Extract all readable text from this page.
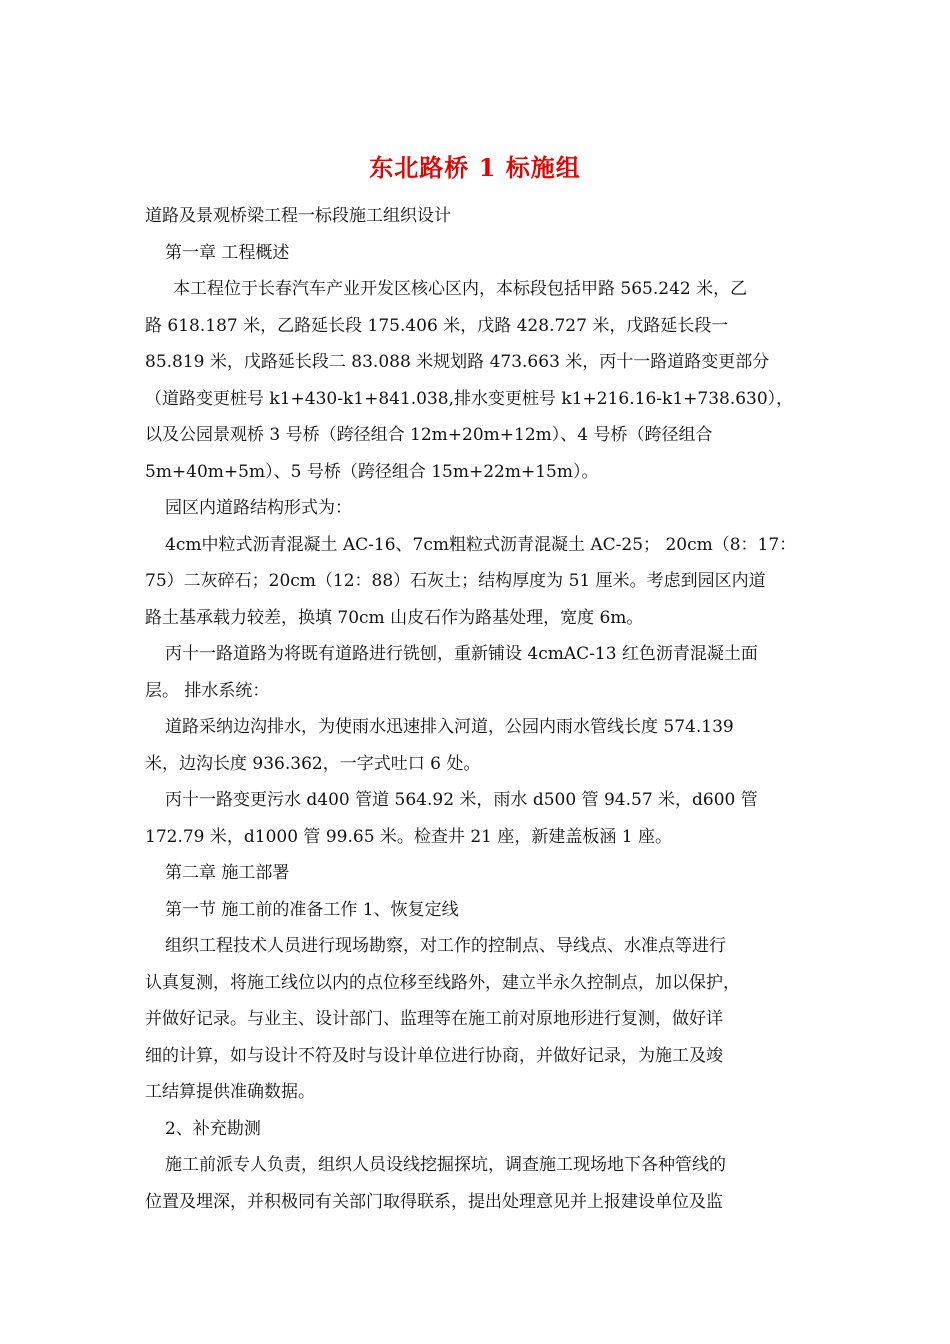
东北路桥 1 标施组
道路及景观桥梁工程一标段施工组织设计
第一章 工程概述
本工程位于长春汽车产业开发区核心区内，本标段包括甲路 565.242 米，乙
路 618.187 米，乙路延长段 175.406 米，戊路 428.727 米，戊路延长段一
85.819 米，戊路延长段二 83.088 米规划路 473.663 米，丙十一路道路变更部分
（道路变更桩号 k1+430-k1+841.038,排水变更桩号 k1+216.16-k1+738.630），
以及公园景观桥 3 号桥（跨径组合 12m+20m+12m）、4 号桥（跨径组合
5m+40m+5m）、5 号桥（跨径组合 15m+22m+15m）。
园区内道路结构形式为：
4cm中粒式沥青混凝土 AC-16、7cm粗粒式沥青混凝土 AC-25； 20cm（8：17：
75）二灰碎石；20cm（12：88）石灰土；结构厚度为 51 厘米。考虑到园区内道
路土基承载力较差，换填 70cm 山皮石作为路基处理，宽度 6m。
丙十一路道路为将既有道路进行铣刨，重新铺设 4cmAC-13 红色沥青混凝土面
层。 排水系统：
道路采纳边沟排水，为使雨水迅速排入河道，公园内雨水管线长度 574.139
米，边沟长度 936.362，一字式吐口 6 处。
丙十一路变更污水 d400 管道 564.92 米，雨水 d500 管 94.57 米，d600 管
172.79 米，d1000 管 99.65 米。检查井 21 座，新建盖板涵 1 座。
第二章 施工部署
第一节 施工前的准备工作 1、恢复定线
组织工程技术人员进行现场勘察，对工作的控制点、导线点、水准点等进行
认真复测，将施工线位以内的点位移至线路外，建立半永久控制点，加以保护，
并做好记录。与业主、设计部门、监理等在施工前对原地形进行复测，做好详
细的计算，如与设计不符及时与设计单位进行协商，并做好记录，为施工及竣
工结算提供准确数据。
2、补充勘测
施工前派专人负责，组织人员设线挖掘探坑，调查施工现场地下各种管线的
位置及埋深，并积极同有关部门取得联系，提出处理意见并上报建设单位及监
